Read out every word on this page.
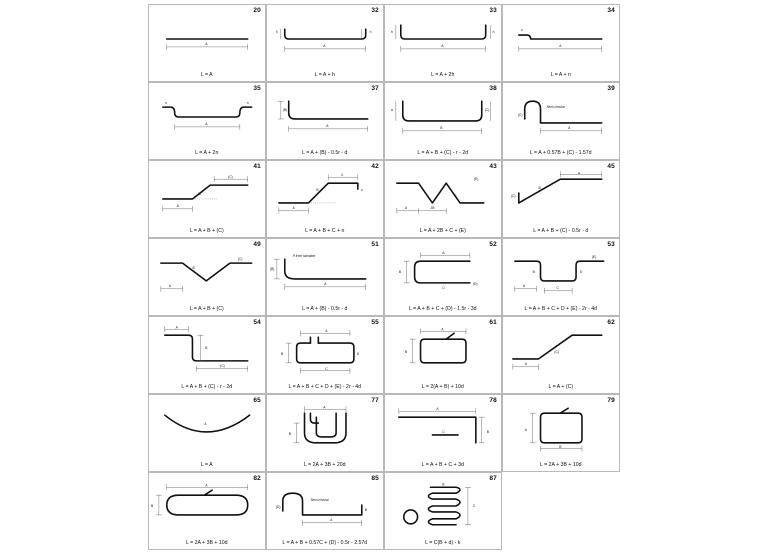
20
A
L = A
32
A
h	h
L = A + h
33
A
h	h
L = A + 2h
34
A
n
L = A + n
35
A
n	n
L = A + 2n
37
A
(B)
L = A + (B) - 0.5r - d
38
B
A	(C)
L = A + B + (C) - r - 2d
39
A
Semi-circular
(C)
L = A + 0.57B + (C) - 1.57d
41
A
(C)
B
L = A + B + (C)
42
A
C
B	n
L = A + B + C + n
43
A	2B
C
(E)
L = A + 2B + C + (E)
45
A
B
(C)
L = A + B + (C) - 0.5r - d
49
A
B
(C)
L = A + B + (C)
51
A
(B)
R from standard
L = A + (B) - 0.5r - d
52
A
B
C
(D)
L = A + B + C + (D) - 1.5r - 3d
53
A	C
B	D
(E)
L = A + B + C + D + (E) - 2r - 4d
54
A
B
(C)
L = A + B + (C) - r - 2d
55
A
B
C
D
L = A + B + C + D + (E) - 2r - 4d
61
A
B
L = 2(A + B) + 10d
62
A
(C)
L = A + (C)
65
A
L = A
77
A
B
L = 2A + 3B + 20d
78
A
B
C
L = A + B + C + 3d
79
A
B
L = 2A + 3B + 10d
82
A
B
L = 2A + 3B + 10d
85
A
Semi-circular
(D)
B
L = A + B + 0.57C + (D) - 0.5r - 2.57d
87
C
B
L = C(B + d) - k
